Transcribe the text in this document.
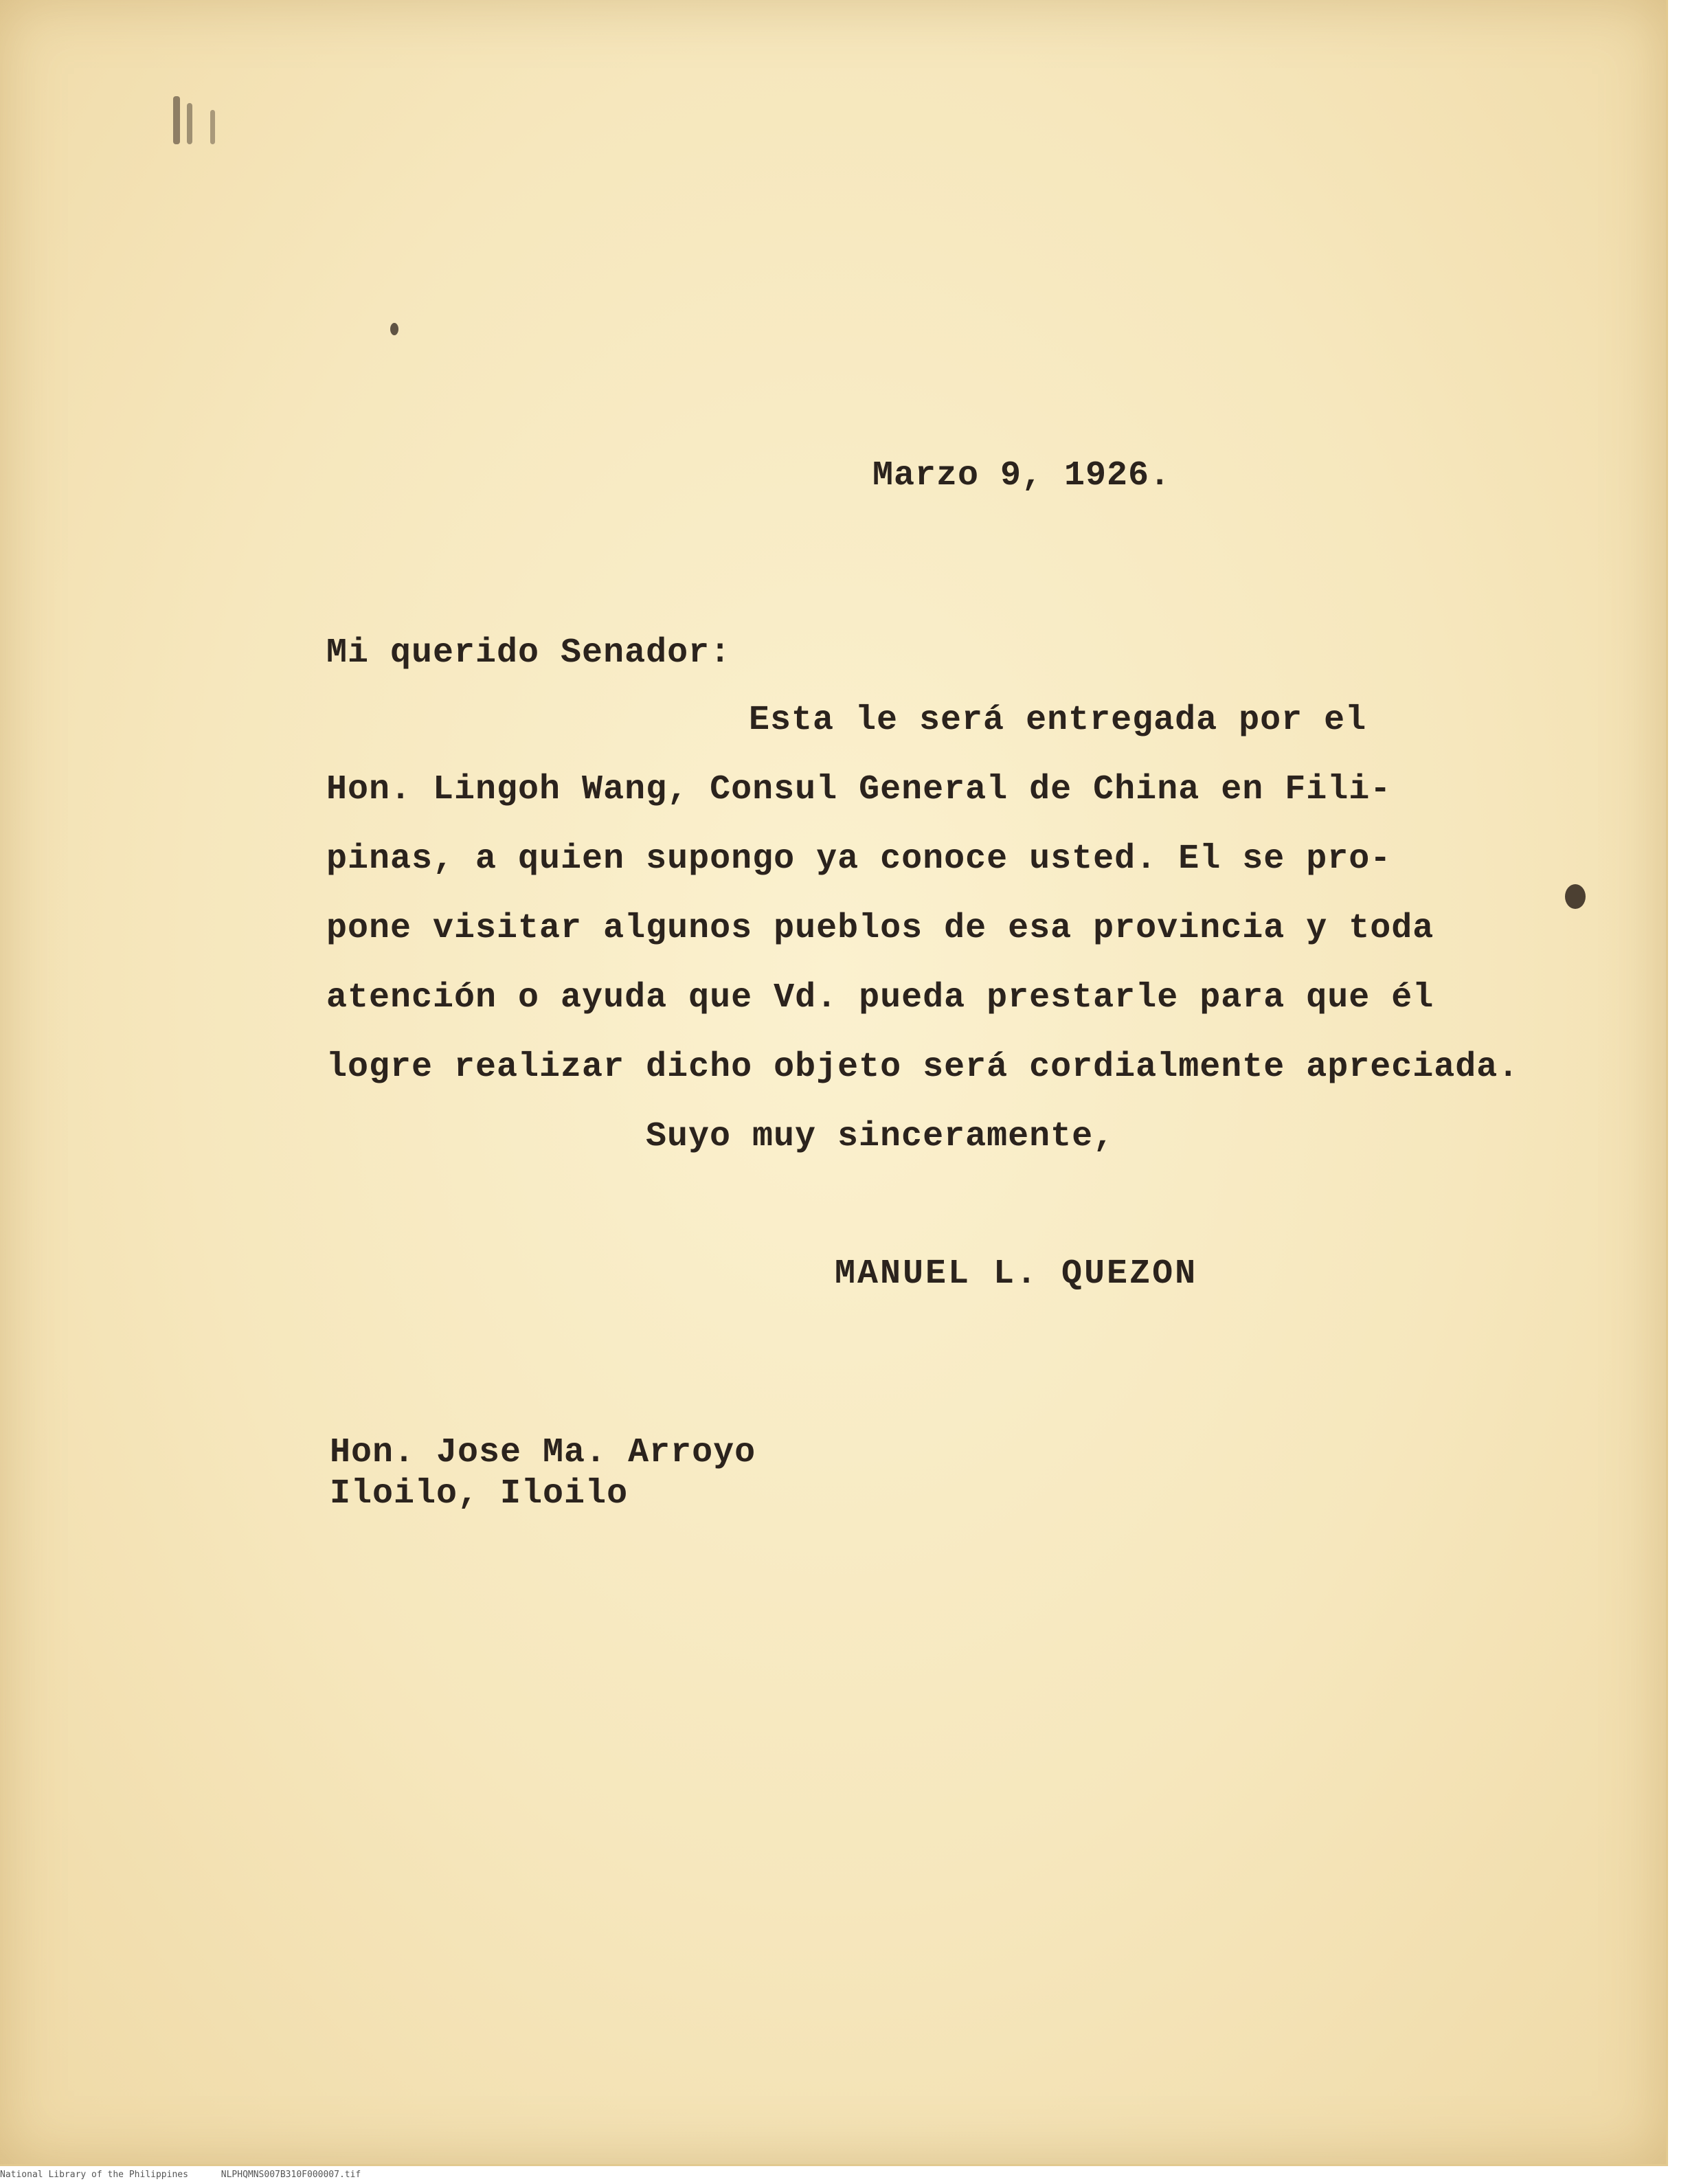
Marzo 9, 1926.
Mi querido Senador:
Esta le será entregada por el
Hon. Lingoh Wang, Consul General de China en Fili-
pinas, a quien supongo ya conoce usted. El se pro-
pone visitar algunos pueblos de esa provincia y toda
atención o ayuda que Vd. pueda prestarle para que él
logre realizar dicho objeto será cordialmente apreciada.
Suyo muy sinceramente,
MANUEL L. QUEZON
Hon. Jose Ma. Arroyo
Iloilo, Iloilo
National Library of the Philippines	NLPHQMNS007B310F000007.tif
